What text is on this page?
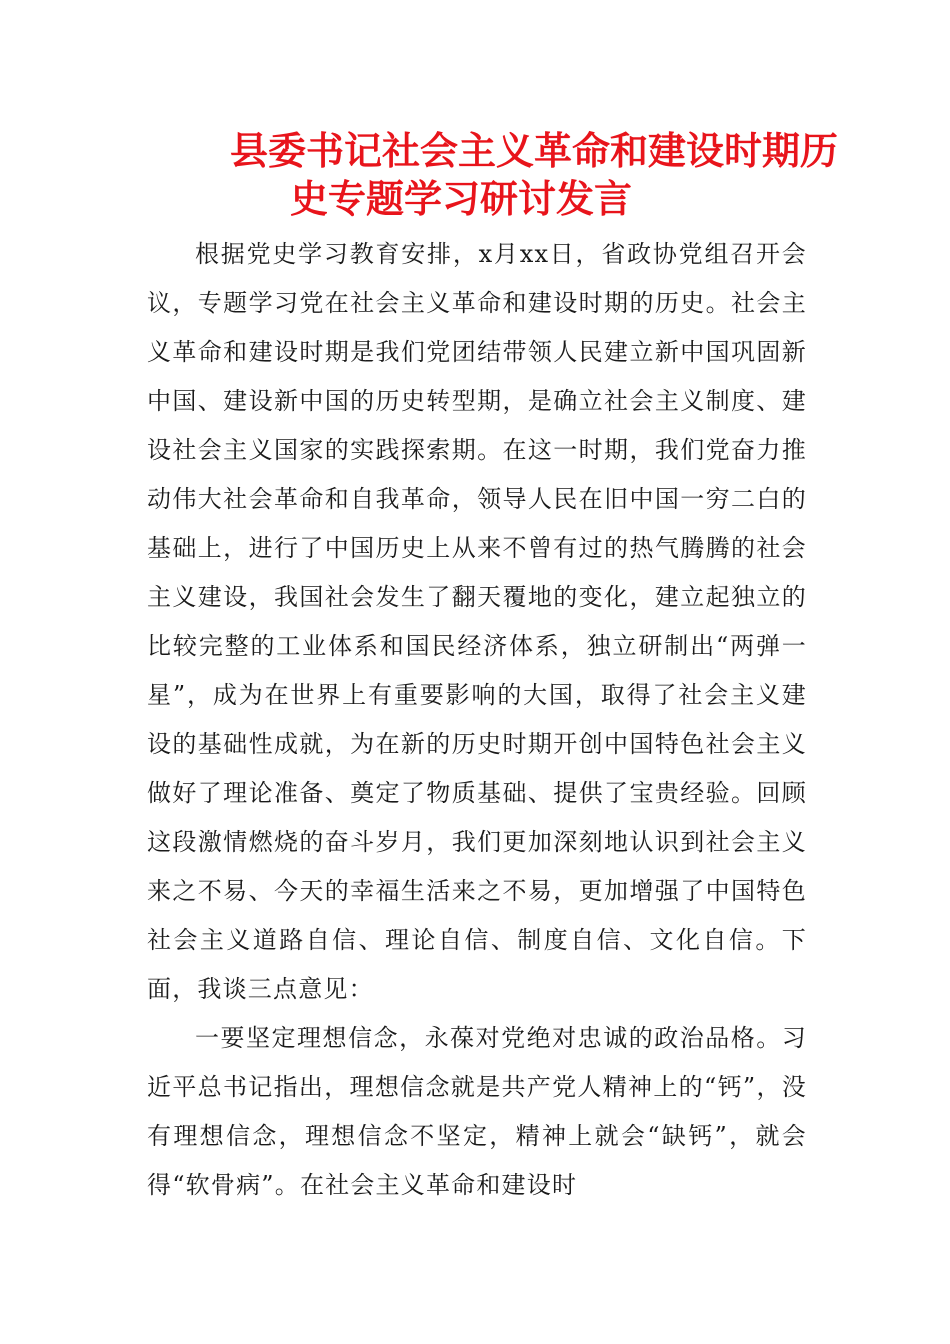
县委书记社会主义革命和建设时期历
史专题学习研讨发言

根据党史学习教育安排，x月xx日，省政协党组召开会议，专题学习党在社会主义革命和建设时期的历史。社会主义革命和建设时期是我们党团结带领人民建立新中国巩固新中国、建设新中国的历史转型期，是确立社会主义制度、建设社会主义国家的实践探索期。在这一时期，我们党奋力推动伟大社会革命和自我革命，领导人民在旧中国一穷二白的基础上，进行了中国历史上从来不曾有过的热气腾腾的社会主义建设，我国社会发生了翻天覆地的变化，建立起独立的比较完整的工业体系和国民经济体系，独立研制出“两弹一星”，成为在世界上有重要影响的大国，取得了社会主义建设的基础性成就，为在新的历史时期开创中国特色社会主义做好了理论准备、奠定了物质基础、提供了宝贵经验。回顾这段激情燃烧的奋斗岁月，我们更加深刻地认识到社会主义来之不易、今天的幸福生活来之不易，更加增强了中国特色社会主义道路自信、理论自信、制度自信、文化自信。下面，我谈三点意见：

一要坚定理想信念，永葆对党绝对忠诚的政治品格。习近平总书记指出，理想信念就是共产党人精神上的“钙”，没有理想信念，理想信念不坚定，精神上就会“缺钙”，就会得“软骨病”。在社会主义革命和建设时
